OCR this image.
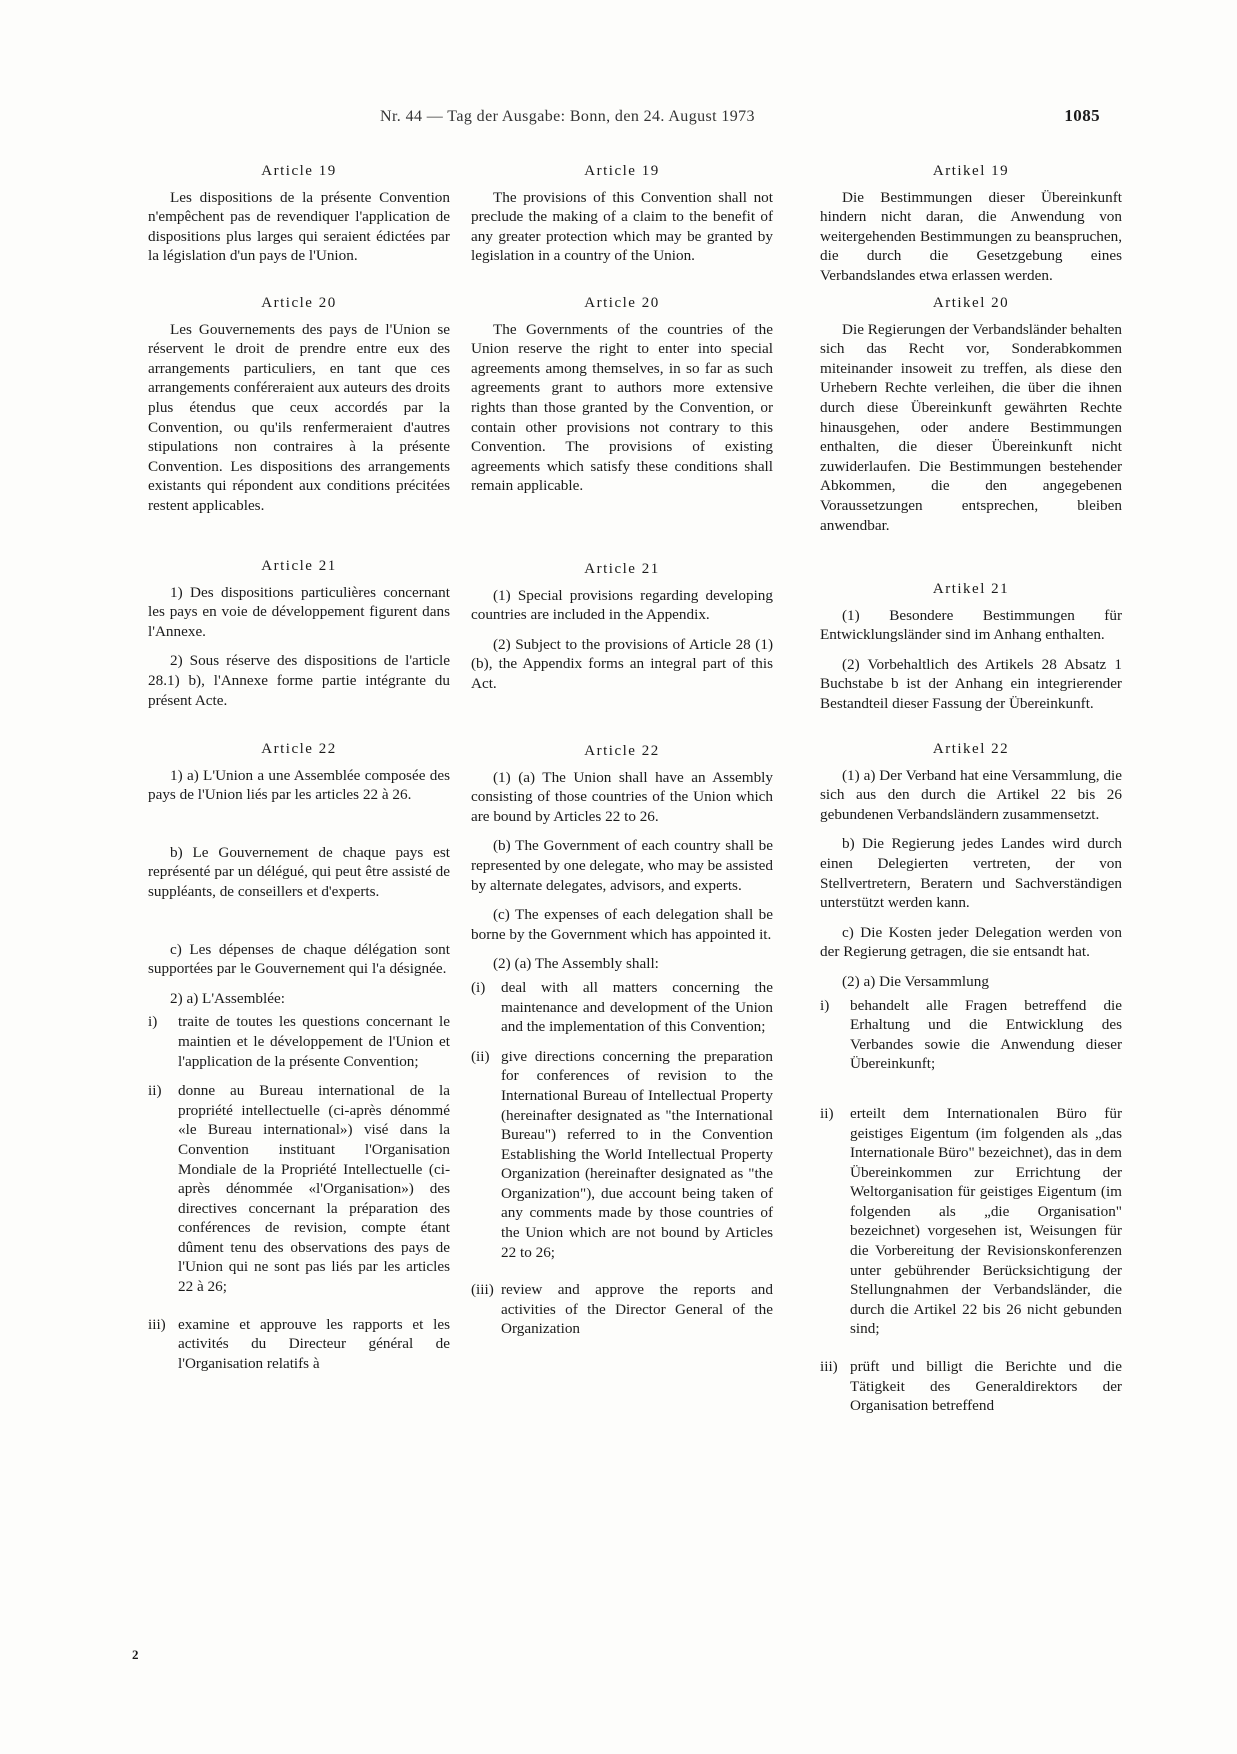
Nr. 44 — Tag der Ausgabe: Bonn, den 24. August 1973	1085
Article 19

Les dispositions de la présente Convention n'empêchent pas de revendiquer l'application de dispositions plus larges qui seraient édictées par la législation d'un pays de l'Union.

Article 20

Les Gouvernements des pays de l'Union se réservent le droit de prendre entre eux des arrangements particuliers, en tant que ces arrangements conféreraient aux auteurs des droits plus étendus que ceux accordés par la Convention, ou qu'ils renfermeraient d'autres stipulations non contraires à la présente Convention. Les dispositions des arrangements existants qui répondent aux conditions précitées restent applicables.

Article 21

1) Des dispositions particulières concernant les pays en voie de développement figurent dans l'Annexe.

2) Sous réserve des dispositions de l'article 28.1) b), l'Annexe forme partie intégrante du présent Acte.

Article 22

1) a) L'Union a une Assemblée composée des pays de l'Union liés par les articles 22 à 26.

b) Le Gouvernement de chaque pays est représenté par un délégué, qui peut être assisté de suppléants, de conseillers et d'experts.

c) Les dépenses de chaque délégation sont supportées par le Gouvernement qui l'a désignée.

2) a) L'Assemblée:

i)	traite de toutes les questions concernant le maintien et le développement de l'Union et l'application de la présente Convention;
ii)	donne au Bureau international de la propriété intellectuelle (ci-après dénommé «le Bureau international») visé dans la Convention instituant l'Organisation Mondiale de la Propriété Intellectuelle (ci-après dénommée «l'Organisation») des directives concernant la préparation des conférences de revision, compte étant dûment tenu des observations des pays de l'Union qui ne sont pas liés par les articles 22 à 26;
iii) examine et approuve les rapports et les activités du Directeur général de l'Organisation relatifs à
Article 19

The provisions of this Convention shall not preclude the making of a claim to the benefit of any greater protection which may be granted by legislation in a country of the Union.

Article 20

The Governments of the countries of the Union reserve the right to enter into special agreements among themselves, in so far as such agreements grant to authors more extensive rights than those granted by the Convention, or contain other provisions not contrary to this Convention. The provisions of existing agreements which satisfy these conditions shall remain applicable.

Article 21

(1) Special provisions regarding developing countries are included in the Appendix.

(2) Subject to the provisions of Article 28 (1) (b), the Appendix forms an integral part of this Act.

Article 22

(1) (a) The Union shall have an Assembly consisting of those countries of the Union which are bound by Articles 22 to 26.

(b) The Government of each country shall be represented by one delegate, who may be assisted by alternate delegates, advisors, and experts.

(c) The expenses of each delegation shall be borne by the Government which has appointed it.

(2) (a) The Assembly shall:

(i)	deal with all matters concerning the maintenance and development of the Union and the implementation of this Convention;
(ii) give directions concerning the preparation for conferences of revision to the International Bureau of Intellectual Property (hereinafter designated as "the International Bureau") referred to in the Convention Establishing the World Intellectual Property Organization (hereinafter designated as "the Organization"), due account being taken of any comments made by those countries of the Union which are not bound by Articles 22 to 26;
(iii) review and approve the reports and activities of the Director General of the Organization
Artikel 19

Die Bestimmungen dieser Übereinkunft hindern nicht daran, die Anwendung von weitergehenden Bestimmungen zu beanspruchen, die durch die Gesetzgebung eines Verbandslandes etwa erlassen werden.

Artikel 20

Die Regierungen der Verbandsländer behalten sich das Recht vor, Sonderabkommen miteinander insoweit zu treffen, als diese den Urhebern Rechte verleihen, die über die ihnen durch diese Übereinkunft gewährten Rechte hinausgehen, oder andere Bestimmungen enthalten, die dieser Übereinkunft nicht zuwiderlaufen. Die Bestimmungen bestehender Abkommen, die den angegebenen Voraussetzungen entsprechen, bleiben anwendbar.

Artikel 21

(1) Besondere Bestimmungen für Entwicklungsländer sind im Anhang enthalten.

(2) Vorbehaltlich des Artikels 28 Absatz 1 Buchstabe b ist der Anhang ein integrierender Bestandteil dieser Fassung der Übereinkunft.

Artikel 22

(1) a) Der Verband hat eine Versammlung, die sich aus den durch die Artikel 22 bis 26 gebundenen Verbandsländern zusammensetzt.

b) Die Regierung jedes Landes wird durch einen Delegierten vertreten, der von Stellvertretern, Beratern und Sachverständigen unterstützt werden kann.

c) Die Kosten jeder Delegation werden von der Regierung getragen, die sie entsandt hat.

(2) a) Die Versammlung

i)	behandelt alle Fragen betreffend die Erhaltung und die Entwicklung des Verbandes sowie die Anwendung dieser Übereinkunft;
ii)	erteilt dem Internationalen Büro für geistiges Eigentum (im folgenden als „das Internationale Büro" bezeichnet), das in dem Übereinkommen zur Errichtung der Weltorganisation für geistiges Eigentum (im folgenden als „die Organisation" bezeichnet) vorgesehen ist, Weisungen für die Vorbereitung der Revisionskonferenzen unter gebührender Berücksichtigung der Stellungnahmen der Verbandsländer, die durch die Artikel 22 bis 26 nicht gebunden sind;
iii) prüft und billigt die Berichte und die Tätigkeit des Generaldirektors der Organisation betreffend
2
